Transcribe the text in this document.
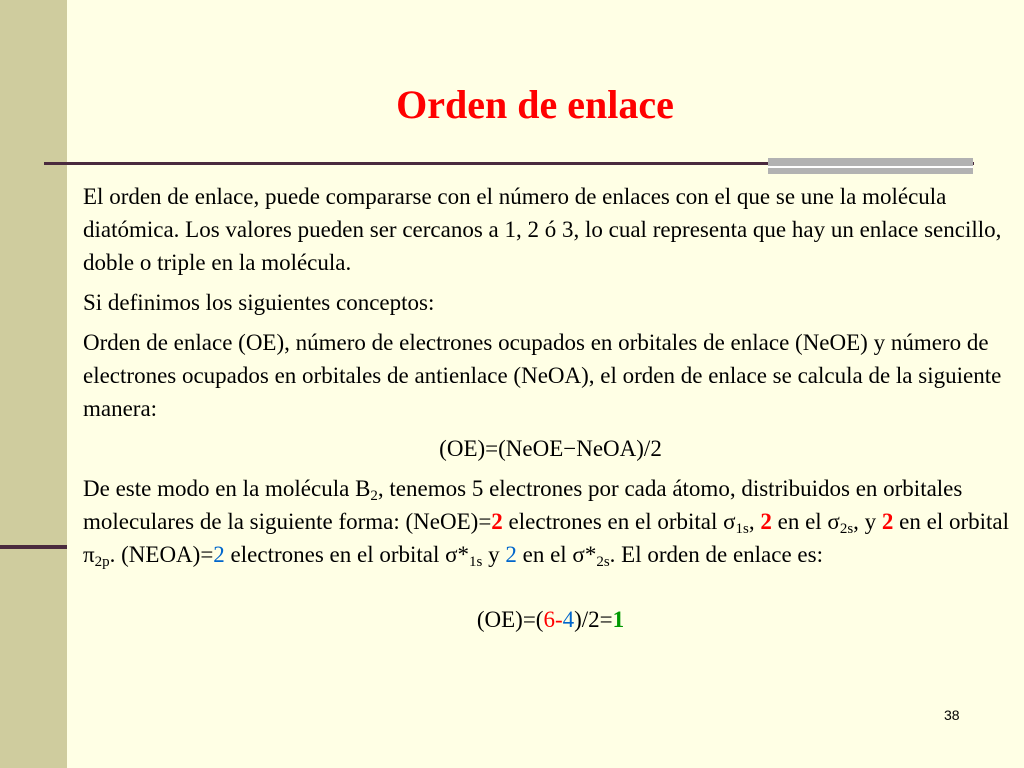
Orden de enlace

El orden de enlace, puede compararse con el número de enlaces con el que se une la molécula diatómica. Los valores pueden ser cercanos a 1, 2 ó 3, lo cual representa que hay un enlace sencillo, doble o triple en la molécula.

Si definimos los siguientes conceptos:

Orden de enlace (OE), número de electrones ocupados en orbitales de enlace (NeOE) y número de electrones ocupados en orbitales de antienlace (NeOA), el orden de enlace se calcula de la siguiente manera:

(OE)=(NeOE−NeOA)/2

De este modo en la molécula $B_2$, tenemos 5 electrones por cada átomo, distribuidos en orbitales moleculares de la siguiente forma: (NeOE)=2 electrones en el orbital $\sigma_{1s}$, 2 en el $\sigma_{2s}$, y 2 en el orbital $\pi_{2p}$. (NEOA)=2 electrones en el orbital $\sigma*_{1s}$ y 2 en el $\sigma*_{2s}$. El orden de enlace es:

(OE)=(6-4)/2=1

38
